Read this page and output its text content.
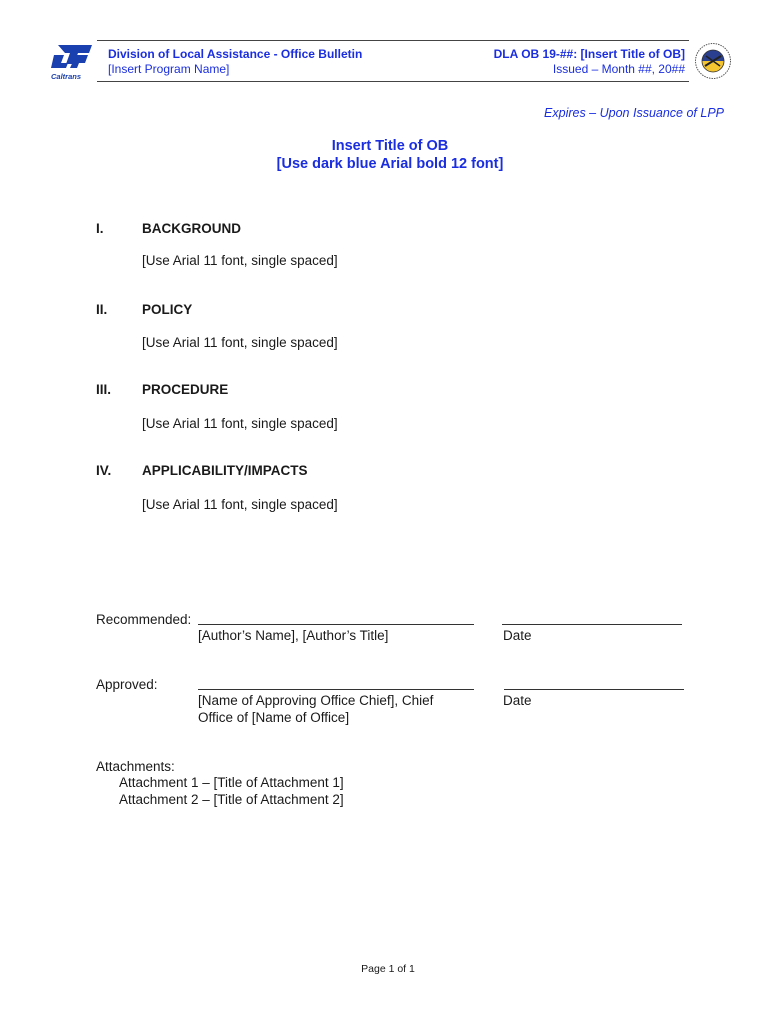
Caltrans
Division of Local Assistance - Office Bulletin
[Insert Program Name]
DLA OB 19-##: [Insert Title of OB]
Issued – Month ##, 20##
Expires – Upon Issuance of LPP
Insert Title of OB
[Use dark blue Arial bold 12 font]
I.	BACKGROUND
[Use Arial 11 font, single spaced]
II.	POLICY
[Use Arial 11 font, single spaced]
III. PROCEDURE
[Use Arial 11 font, single spaced]
IV. APPLICABILITY/IMPACTS
[Use Arial 11 font, single spaced]
Recommended:
[Author’s Name], [Author’s Title]	Date
Approved:
[Name of Approving Office Chief], Chief
Office of [Name of Office]
Date
Attachments:
Attachment 1 – [Title of Attachment 1]
Attachment 2 – [Title of Attachment 2]
Page 1 of 1
